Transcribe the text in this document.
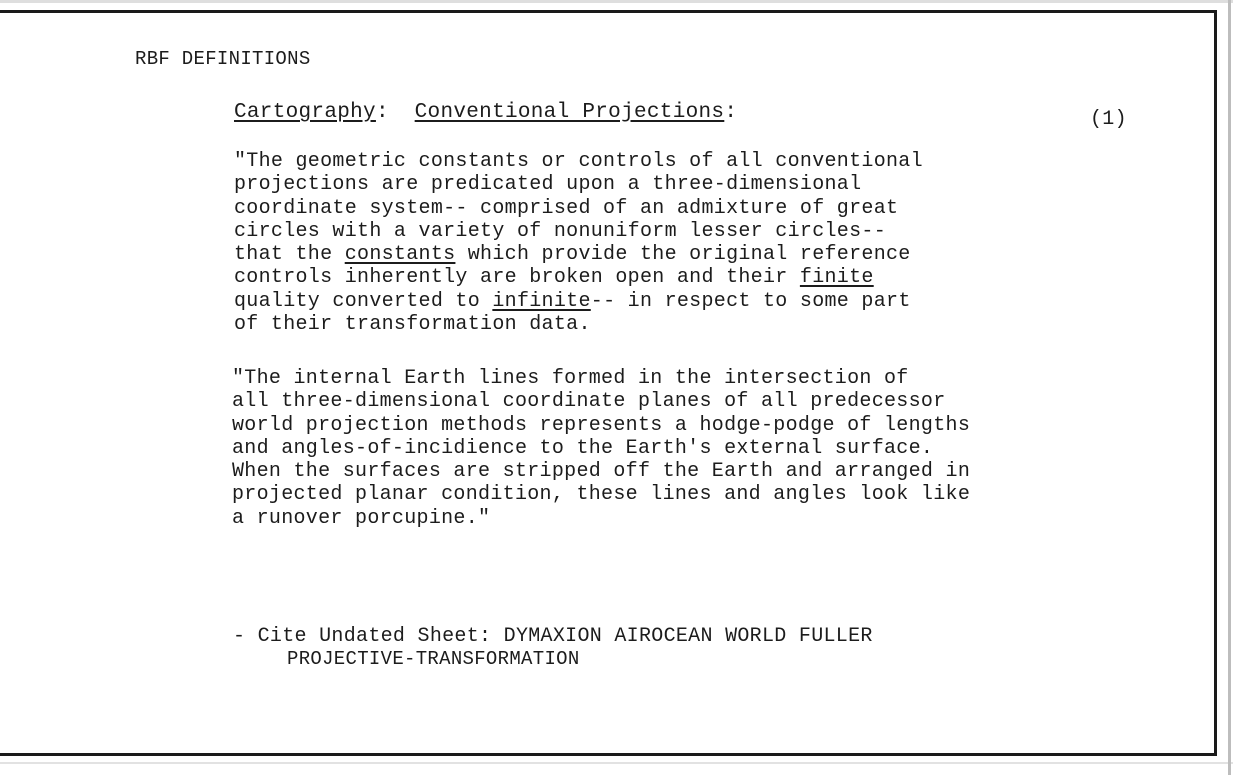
RBF DEFINITIONS
Cartography:  Conventional Projections:	(1)
"The geometric constants or controls of all conventional
projections are predicated upon a three-dimensional
coordinate system-- comprised of an admixture of great
circles with a variety of nonuniform lesser circles--
that the constants which provide the original reference
controls inherently are broken open and their finite
quality converted to infinite-- in respect to some part
of their transformation data.
"The internal Earth lines formed in the intersection of
all three-dimensional coordinate planes of all predecessor
world projection methods represents a hodge-podge of lengths
and angles-of-incidience to the Earth's external surface.
When the surfaces are stripped off the Earth and arranged in
projected planar condition, these lines and angles look like
a runover porcupine."
- Cite Undated Sheet: DYMAXION AIROCEAN WORLD FULLER
PROJECTIVE-TRANSFORMATION
